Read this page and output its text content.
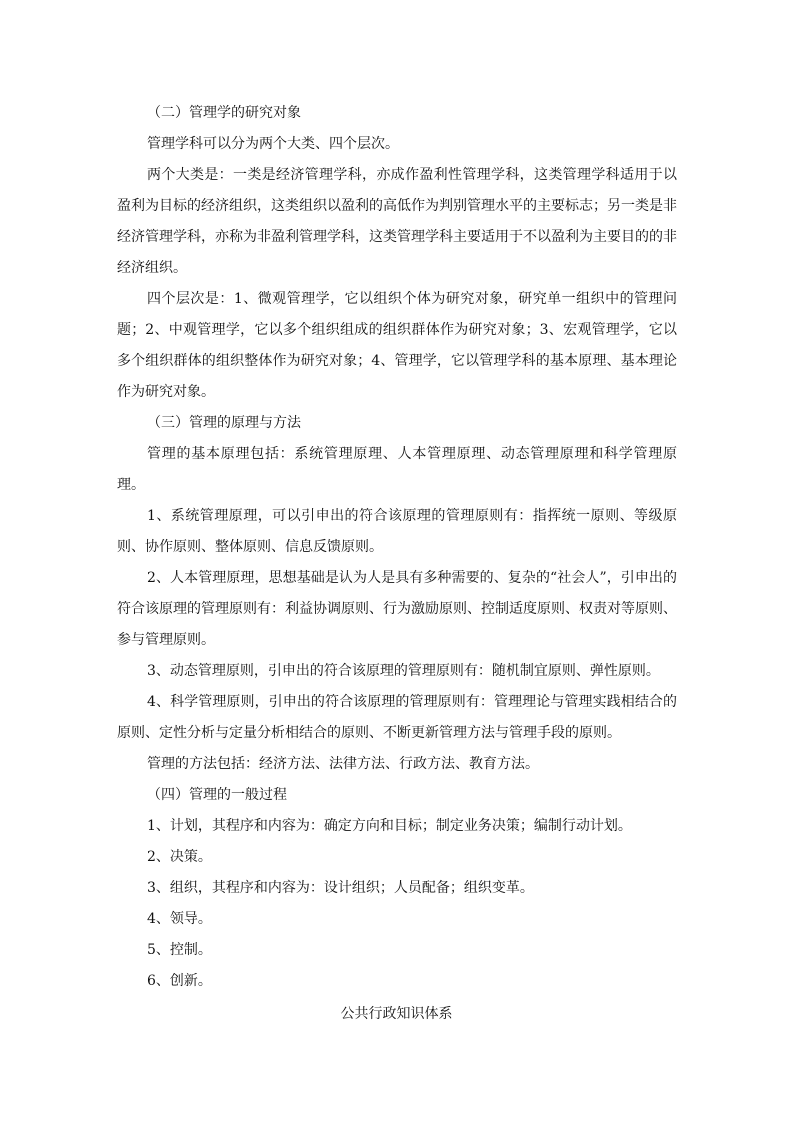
（二）管理学的研究对象

管理学科可以分为两个大类、四个层次。

两个大类是：一类是经济管理学科，亦成作盈利性管理学科，这类管理学科适用于以盈利为目标的经济组织，这类组织以盈利的高低作为判别管理水平的主要标志；另一类是非经济管理学科，亦称为非盈利管理学科，这类管理学科主要适用于不以盈利为主要目的的非经济组织。

四个层次是：1、微观管理学，它以组织个体为研究对象，研究单一组织中的管理问题；2、中观管理学，它以多个组织组成的组织群体作为研究对象；3、宏观管理学，它以多个组织群体的组织整体作为研究对象；4、管理学，它以管理学科的基本原理、基本理论作为研究对象。

（三）管理的原理与方法

管理的基本原理包括：系统管理原理、人本管理原理、动态管理原理和科学管理原理。

1、系统管理原理，可以引申出的符合该原理的管理原则有：指挥统一原则、等级原则、协作原则、整体原则、信息反馈原则。

2、人本管理原理，思想基础是认为人是具有多种需要的、复杂的“社会人”，引申出的符合该原理的管理原则有：利益协调原则、行为激励原则、控制适度原则、权责对等原则、参与管理原则。

3、动态管理原则，引申出的符合该原理的管理原则有：随机制宜原则、弹性原则。

4、科学管理原则，引申出的符合该原理的管理原则有：管理理论与管理实践相结合的原则、定性分析与定量分析相结合的原则、不断更新管理方法与管理手段的原则。

管理的方法包括：经济方法、法律方法、行政方法、教育方法。

（四）管理的一般过程

1、计划，其程序和内容为：确定方向和目标；制定业务决策；编制行动计划。

2、决策。

3、组织，其程序和内容为：设计组织；人员配备；组织变革。

4、领导。

5、控制。

6、创新。

公共行政知识体系
